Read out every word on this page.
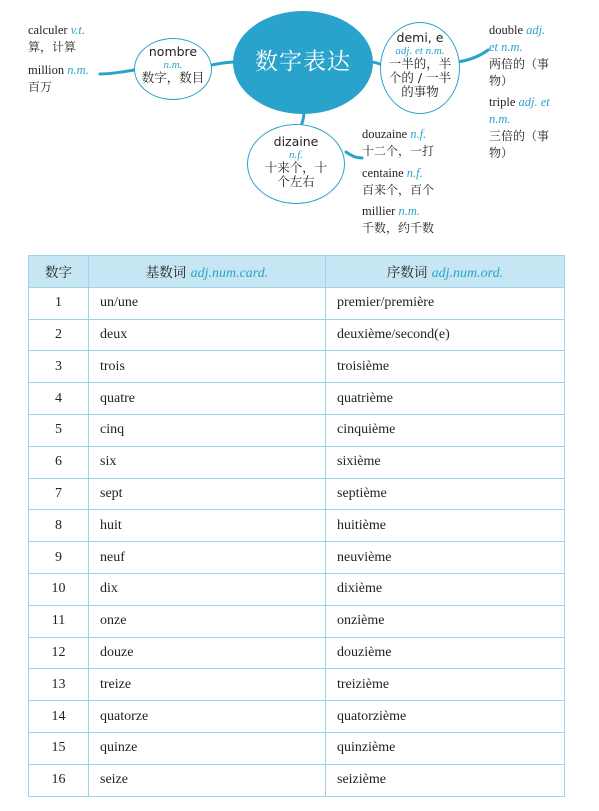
数字表达
nombre
n.m.
数字，数目
demi, e
adj. et n.m.
一半的，半
个的 / 一半
的事物
dizaine
n.f.
十来个，十
个左右
calculer v.t.
算，计算
million n.m.
百万
double adj.
et n.m.
两倍的（事
物）
triple adj. et
n.m.
三倍的（事
物）
douzaine n.f.
十二个，一打
centaine n.f.
百来个，百个
millier n.m.
千数，约千数
数字	基数词 adj.num.card.	序数词 adj.num.ord.
1	un/une	premier/première
2	deux	deuxième/second(e)
3	trois	troisième
4	quatre	quatrième
5	cinq	cinquième
6	six	sixième
7	sept	septième
8	huit	huitième
9	neuf	neuvième
10	dix	dixième
11	onze	onzième
12	douze	douzième
13	treize	treizième
14	quatorze	quatorzième
15	quinze	quinzième
16	seize	seizième
